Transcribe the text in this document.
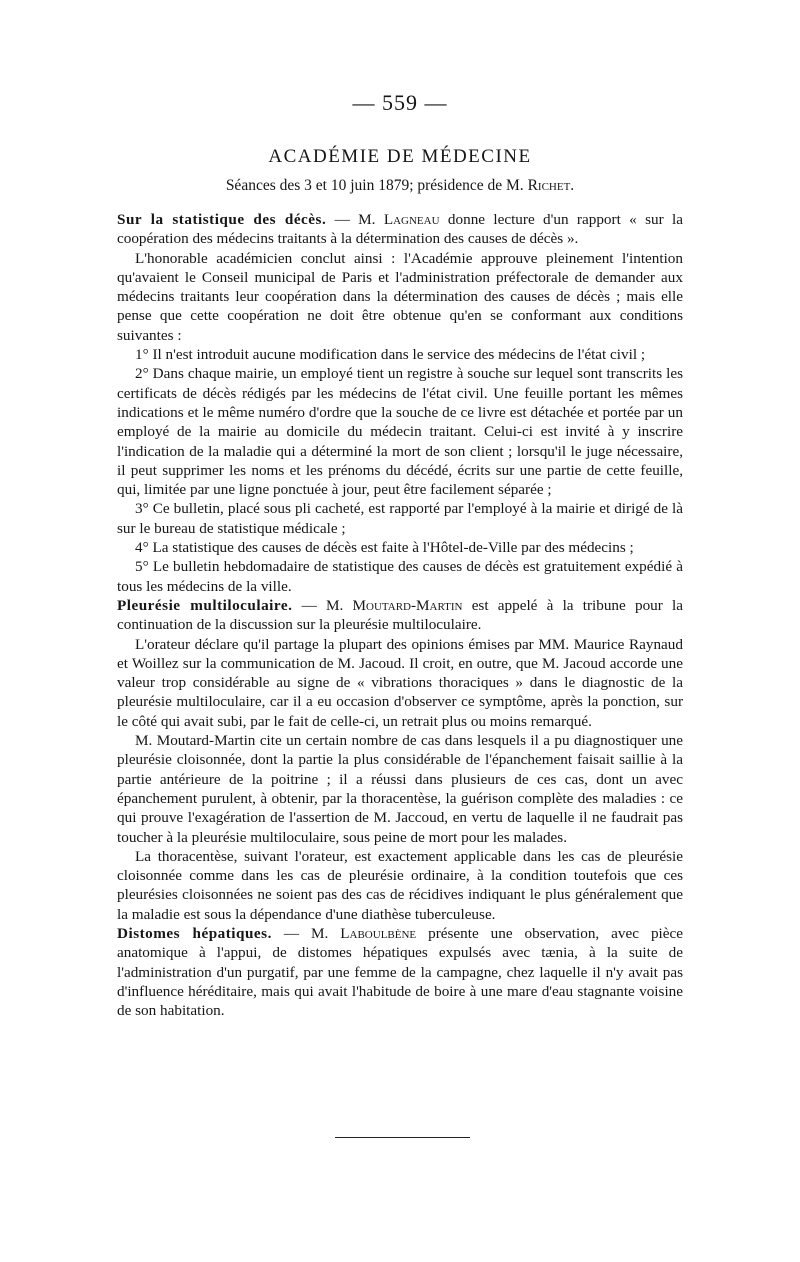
— 559 —
ACADÉMIE DE MÉDECINE
Séances des 3 et 10 juin 1879; présidence de M. Richet.

Sur la statistique des décès. — M. Lagneau donne lecture d'un rapport « sur la coopération des médecins traitants à la détermination des causes de décès ».

L'honorable académicien conclut ainsi : l'Académie approuve pleinement l'intention qu'avaient le Conseil municipal de Paris et l'administration préfectorale de demander aux médecins traitants leur coopération dans la détermination des causes de décès ; mais elle pense que cette coopération ne doit être obtenue qu'en se conformant aux conditions suivantes :

1° Il n'est introduit aucune modification dans le service des médecins de l'état civil ;

2° Dans chaque mairie, un employé tient un registre à souche sur lequel sont transcrits les certificats de décès rédigés par les médecins de l'état civil. Une feuille portant les mêmes indications et le même numéro d'ordre que la souche de ce livre est détachée et portée par un employé de la mairie au domicile du médecin traitant. Celui-ci est invité à y inscrire l'indication de la maladie qui a déterminé la mort de son client ; lorsqu'il le juge nécessaire, il peut supprimer les noms et les prénoms du décédé, écrits sur une partie de cette feuille, qui, limitée par une ligne ponctuée à jour, peut être facilement séparée ;

3° Ce bulletin, placé sous pli cacheté, est rapporté par l'employé à la mairie et dirigé de là sur le bureau de statistique médicale ;

4° La statistique des causes de décès est faite à l'Hôtel-de-Ville par des médecins ;

5° Le bulletin hebdomadaire de statistique des causes de décès est gratuitement expédié à tous les médecins de la ville.

Pleurésie multiloculaire. — M. Moutard-Martin est appelé à la tribune pour la continuation de la discussion sur la pleurésie multiloculaire.

L'orateur déclare qu'il partage la plupart des opinions émises par MM. Maurice Raynaud et Woillez sur la communication de M. Jacoud. Il croit, en outre, que M. Jacoud accorde une valeur trop considérable au signe de « vibrations thoraciques » dans le diagnostic de la pleurésie multiloculaire, car il a eu occasion d'observer ce symptôme, après la ponction, sur le côté qui avait subi, par le fait de celle-ci, un retrait plus ou moins remarqué.

M. Moutard-Martin cite un certain nombre de cas dans lesquels il a pu diagnostiquer une pleurésie cloisonnée, dont la partie la plus considérable de l'épanchement faisait saillie à la partie antérieure de la poitrine ; il a réussi dans plusieurs de ces cas, dont un avec épanchement purulent, à obtenir, par la thoracentèse, la guérison complète des maladies : ce qui prouve l'exagération de l'assertion de M. Jaccoud, en vertu de laquelle il ne faudrait pas toucher à la pleurésie multiloculaire, sous peine de mort pour les malades.

La thoracentèse, suivant l'orateur, est exactement applicable dans les cas de pleurésie cloisonnée comme dans les cas de pleurésie ordinaire, à la condition toutefois que ces pleurésies cloisonnées ne soient pas des cas de récidives indiquant le plus généralement que la maladie est sous la dépendance d'une diathèse tuberculeuse.

Distomes hépatiques. — M. Laboulbène présente une observation, avec pièce anatomique à l'appui, de distomes hépatiques expulsés avec tænia, à la suite de l'administration d'un purgatif, par une femme de la campagne, chez laquelle il n'y avait pas d'influence héréditaire, mais qui avait l'habitude de boire à une mare d'eau stagnante voisine de son habitation.
